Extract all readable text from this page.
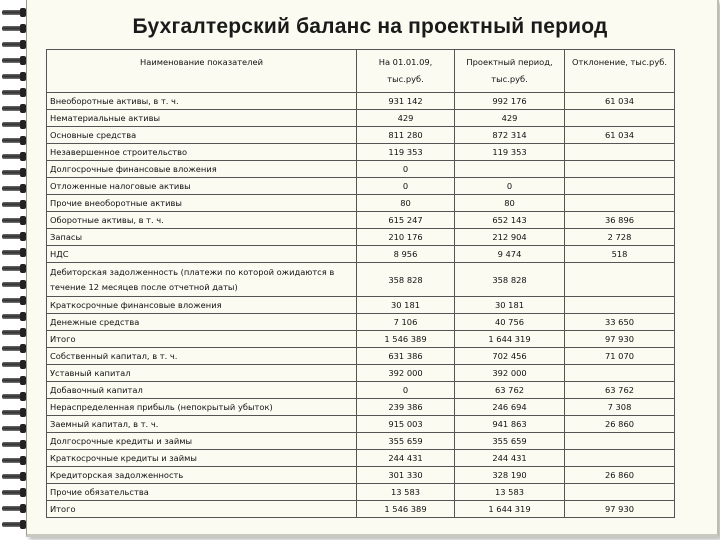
Бухгалтерский баланс на проектный период
Наименование показателей	На 01.01.09, тыс.руб.	Проектный период, тыс.руб.	Отклонение, тыс.руб.
Внеоборотные активы, в т. ч.	931 142	992 176	61 034
Нематериальные активы	429	429	
Основные средства	811 280	872 314	61 034
Незавершенное строительство	119 353	119 353	
Долгосрочные финансовые вложения	0		
Отложенные налоговые активы	0	0	
Прочие внеоборотные активы	80	80	
Оборотные активы, в т. ч.	615 247	652 143	36 896
Запасы	210 176	212 904	2 728
НДС	8 956	9 474	518
Дебиторская задолженность (платежи по которой ожидаются в течение 12 месяцев после отчетной даты)	358 828	358 828	
Краткосрочные финансовые вложения	30 181	30 181	
Денежные средства	7 106	40 756	33 650
Итого	1 546 389	1 644 319	97 930
Собственный капитал, в т. ч.	631 386	702 456	71 070
Уставный капитал	392 000	392 000	
Добавочный капитал	0	63 762	63 762
Нераспределенная прибыль (непокрытый убыток)	239 386	246 694	7 308
Заемный капитал, в т. ч.	915 003	941 863	26 860
Долгосрочные кредиты и займы	355 659	355 659	
Краткосрочные кредиты и займы	244 431	244 431	
Кредиторская задолженность	301 330	328 190	26 860
Прочие обязательства	13 583	13 583	
Итого	1 546 389	1 644 319	97 930
